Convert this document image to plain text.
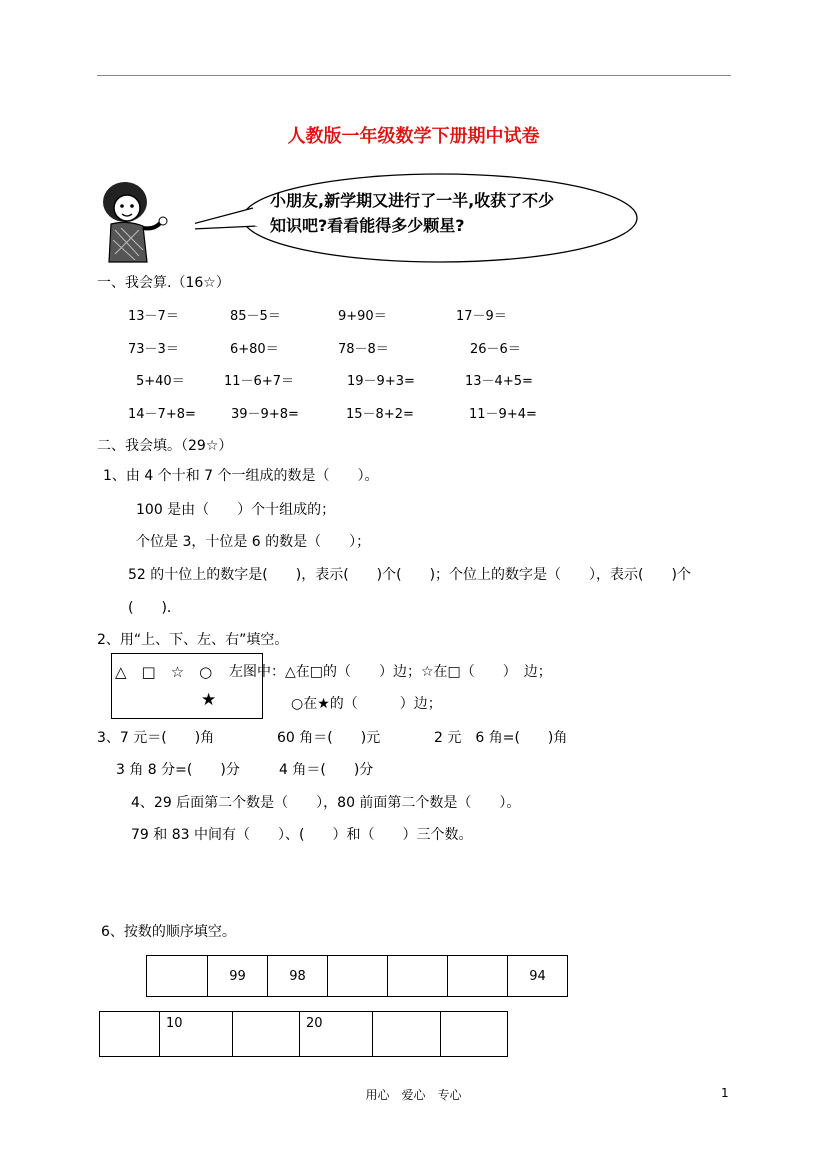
人教版一年级数学下册期中试卷
小朋友,新学期又进行了一半,收获了不少
知识吧?看看能得多少颗星?
一、我会算.（16☆）
13－7＝	85－5＝	9+90＝	17－9＝
73－3＝	6+80＝	78－8＝	26－6＝
5+40＝	11－6+7＝	19－9+3=	13－4+5=
14－7+8=	39－9+8=	15－8+2=	11－9+4=
二、我会填。（29☆）
1、由 4 个十和 7 个一组成的数是（　　）。
100 是由（　　）个十组成的；
个位是 3，十位是 6 的数是（　　）；
52 的十位上的数字是(　　)，表示(　　)个(　　)；个位上的数字是（　　），表示(　　)个
(　　)．
2、用“上、下、左、右”填空。
△　□　☆　○
★
左图中：△在□的（　　）边；☆在□（　　）　边；
○在★的（　　　）边；
3、7 元＝(　　)角	60 角＝(　　)元	2 元　6 角=(　　)角
3 角 8 分=(　　)分	4 角＝(　　)分
4、29 后面第二个数是（　　），80 前面第二个数是（　　）。
79 和 83 中间有（　　）、(　　）和（　　）三个数。
6、按数的顺序填空。
	99	98				94
	10		20		
用心　爱心　专心	1
